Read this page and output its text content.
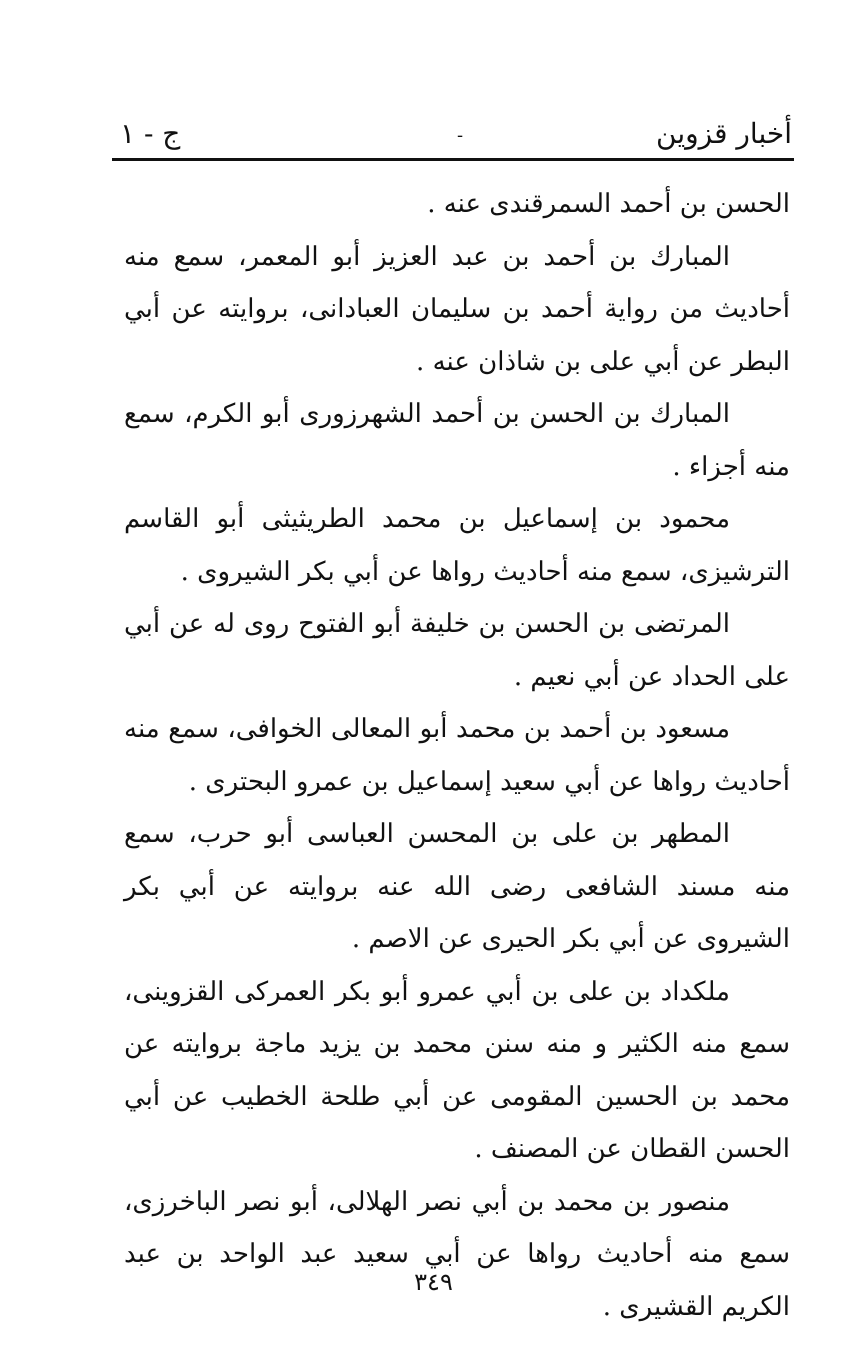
أخبار قزوين
-
ج - ١

الحسن بن أحمد السمرقندى عنه .

المبارك بن أحمد بن عبد العزيز أبو المعمر، سمع منه أحاديث من رواية أحمد بن سليمان العبادانى، بروايته عن أبي البطر عن أبي على بن شاذان عنه .

المبارك بن الحسن بن أحمد الشهرزورى أبو الكرم، سمع منه أجزاء .

محمود بن إسماعيل بن محمد الطريثيثى أبو القاسم الترشيزى، سمع منه أحاديث رواها عن أبي بكر الشيروى .

المرتضى بن الحسن بن خليفة أبو الفتوح روى له عن أبي على الحداد عن أبي نعيم .

مسعود بن أحمد بن محمد أبو المعالى الخوافى، سمع منه أحاديث رواها عن أبي سعيد إسماعيل بن عمرو البحترى .

المطهر بن على بن المحسن العباسى أبو حرب، سمع منه مسند الشافعى رضى الله عنه بروايته عن أبي بكر الشيروى عن أبي بكر الحيرى عن الاصم .

ملكداد بن على بن أبي عمرو أبو بكر العمركى القزوينى، سمع منه الكثير و منه سنن محمد بن يزيد ماجة بروايته عن محمد بن الحسين المقومى عن أبي طلحة الخطيب عن أبي الحسن القطان عن المصنف .

منصور بن محمد بن أبي نصر الهلالى، أبو نصر الباخرزى، سمع منه أحاديث رواها عن أبي سعيد عبد الواحد بن عبد الكريم القشيرى .

٣٤٩
